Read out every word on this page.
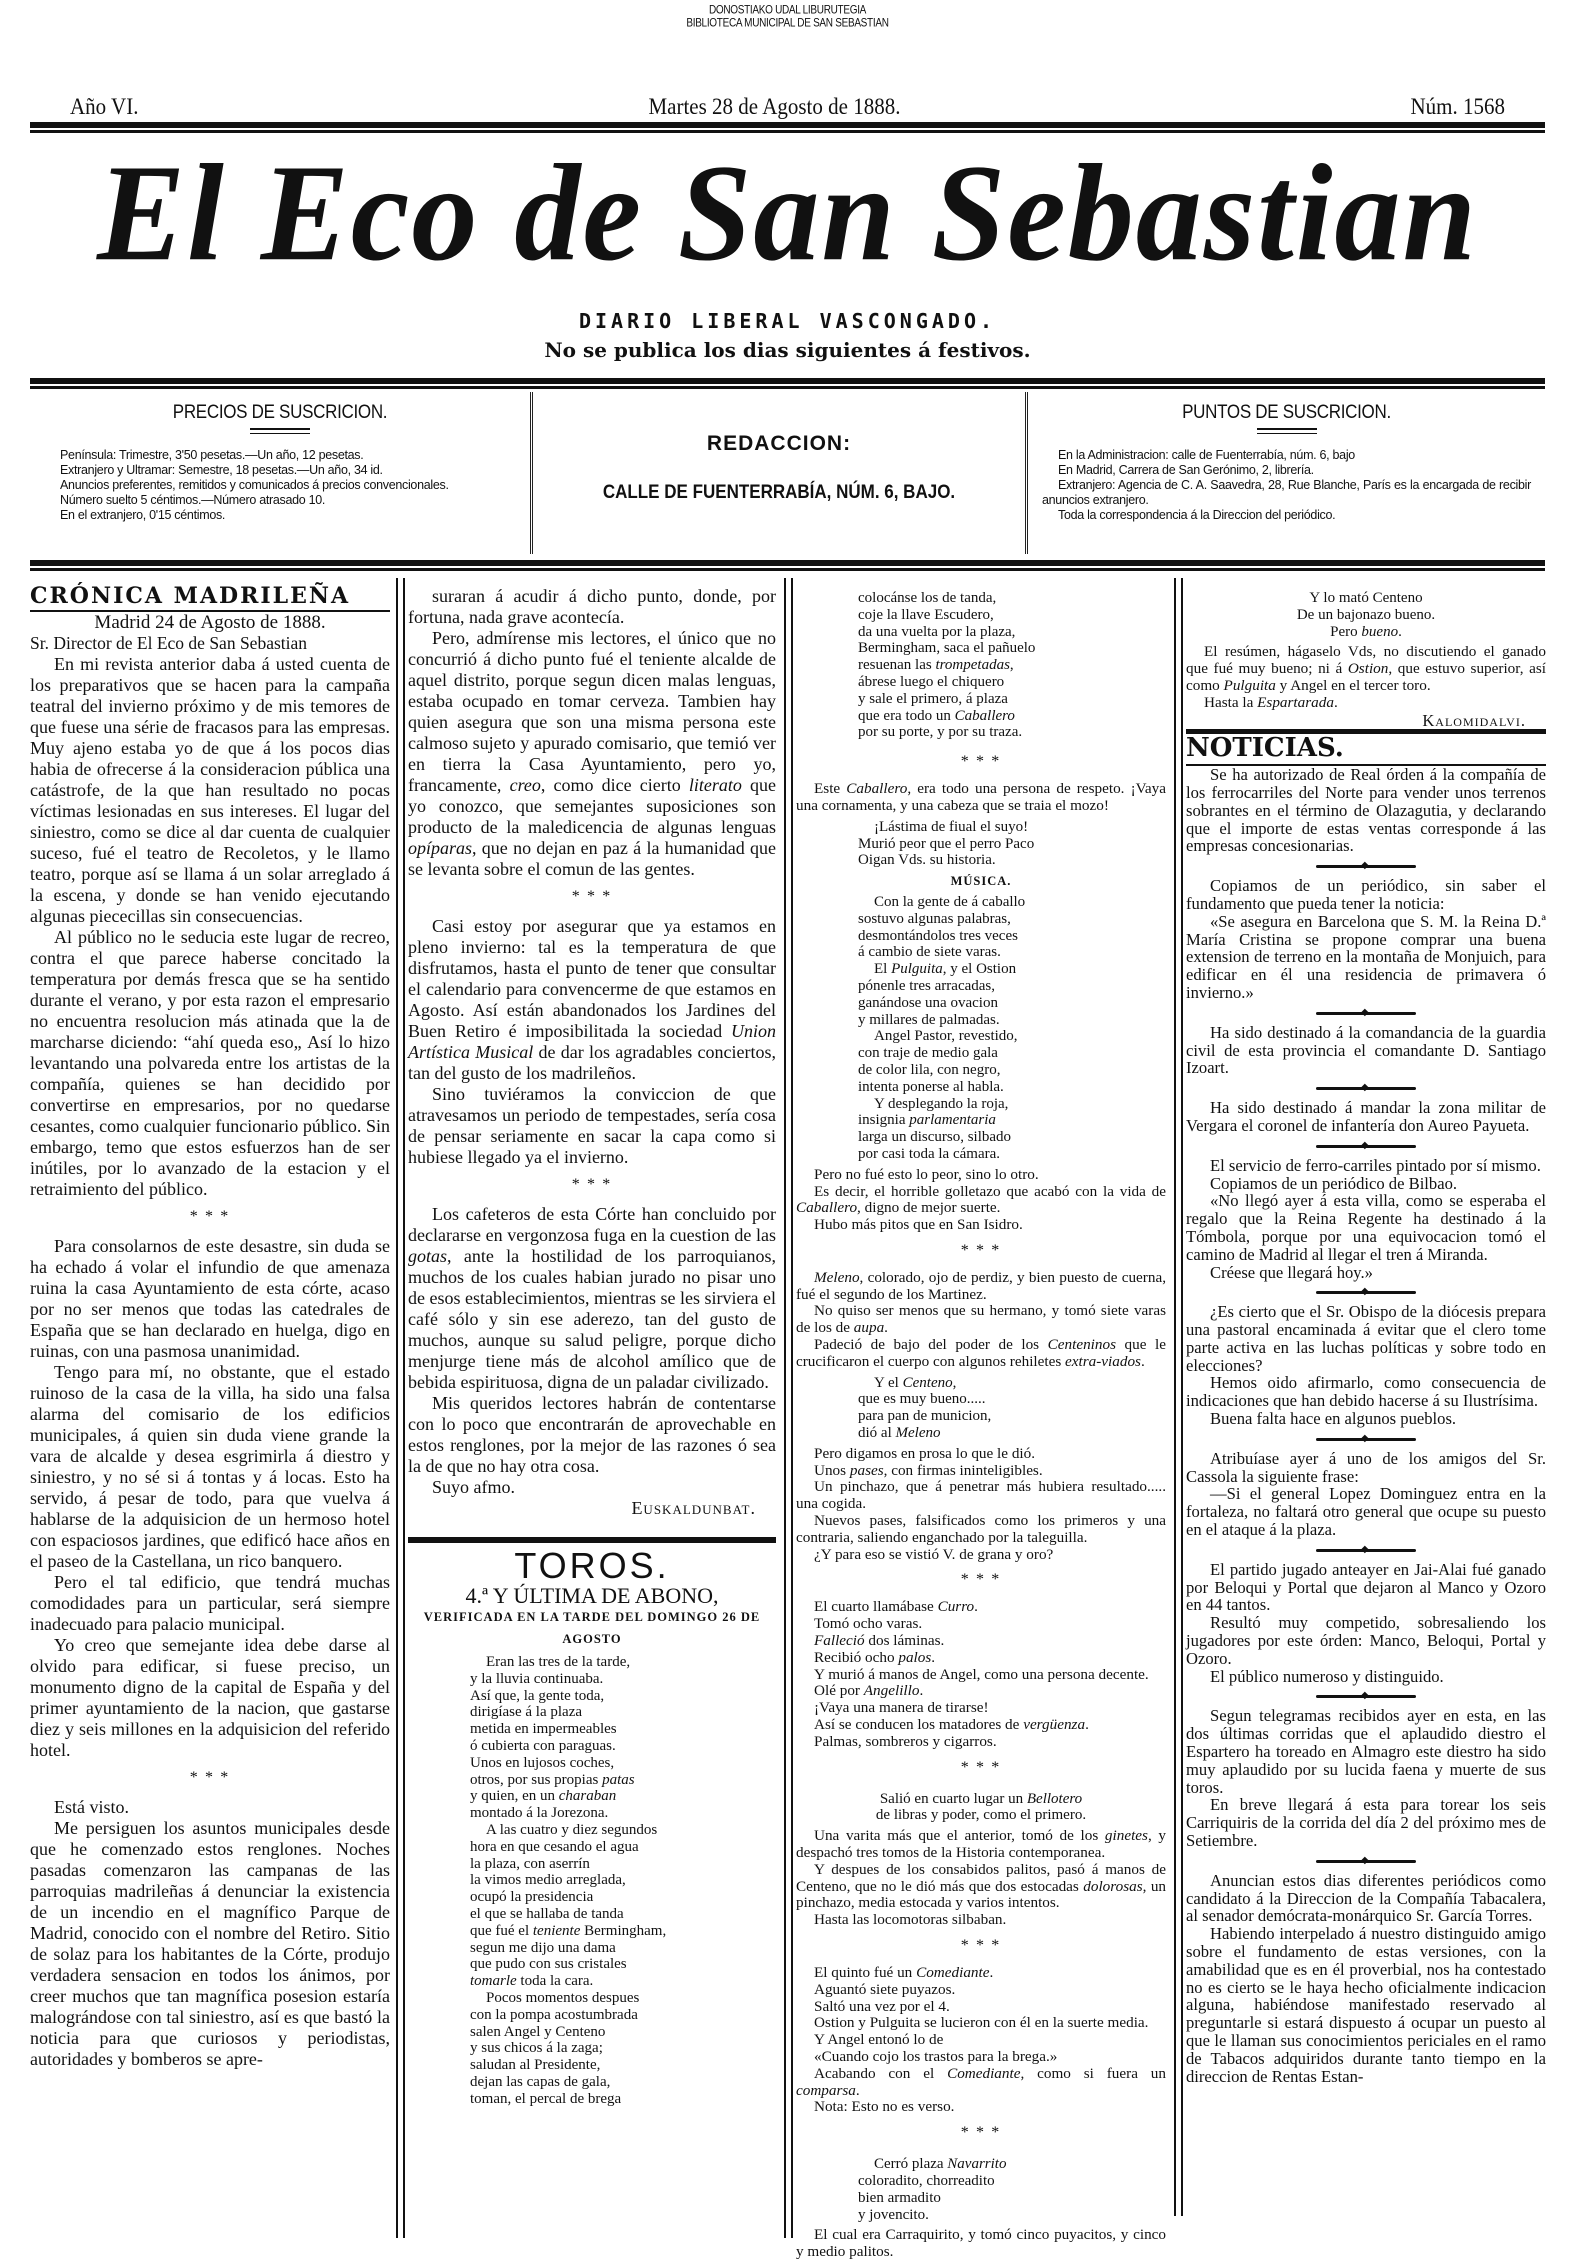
DONOSTIAKO UDAL LIBURUTEGIA
BIBLIOTECA MUNICIPAL DE SAN SEBASTIAN
Año VI.	Martes 28 de Agosto de 1888.	Núm. 1568
El Eco de San Sebastian
DIARIO LIBERAL VASCONGADO.
No se publica los dias siguientes á festivos.
PRECIOS DE SUSCRICION.
Península: Trimestre, 3'50 pesetas.—Un año, 12 pesetas.
Extranjero y Ultramar: Semestre, 18 pesetas.—Un año, 34 id.
Anuncios preferentes, remitidos y comunicados á precios convencionales.
Número suelto 5 céntimos.—Número atrasado 10.
En el extranjero, 0'15 céntimos.
REDACCION:
CALLE DE FUENTERRABÍA, NÚM. 6, BAJO.
PUNTOS DE SUSCRICION.
En la Administracion: calle de Fuenterrabía, núm. 6, bajo
En Madrid, Carrera de San Gerónimo, 2, librería.
Extranjero: Agencia de C. A. Saavedra, 28, Rue Blanche, París es la encargada de recibir anuncios extranjero.
Toda la correspondencia á la Direccion del periódico.

CRÓNICA MADRILEÑA

Madrid 24 de Agosto de 1888.

Sr. Director de El Eco de San Sebastian

En mi revista anterior daba á usted cuenta de los preparativos que se hacen para la campaña teatral del invierno próximo y de mis temores de que fuese una série de fracasos para las empresas. Muy ajeno estaba yo de que á los pocos dias habia de ofrecerse á la consideracion pública una catástrofe, de la que han resultado no pocas víctimas lesionadas en sus intereses. El lugar del siniestro, como se dice al dar cuenta de cualquier suceso, fué el teatro de Recoletos, y le llamo teatro, porque así se llama á un solar arreglado á la escena, y donde se han venido ejecutando algunas piececillas sin consecuencias.

Al público no le seducia este lugar de recreo, contra el que parece haberse concitado la temperatura por demás fresca que se ha sentido durante el verano, y por esta razon el empresario no encuentra resolucion más atinada que la de marcharse diciendo: “ahí queda eso„ Así lo hizo levantando una polvareda entre los artistas de la compañía, quienes se han decidido por convertirse en empresarios, por no quedarse cesantes, como cualquier funcionario público. Sin embargo, temo que estos esfuerzos han de ser inútiles, por lo avanzado de la estacion y el retraimiento del público.

* * *

Para consolarnos de este desastre, sin duda se ha echado á volar el infundio de que amenaza ruina la casa Ayuntamiento de esta córte, acaso por no ser menos que todas las catedrales de España que se han declarado en huelga, digo en ruinas, con una pasmosa unanimidad.

Tengo para mí, no obstante, que el estado ruinoso de la casa de la villa, ha sido una falsa alarma del comisario de los edificios municipales, á quien sin duda viene grande la vara de alcalde y desea esgrimirla á diestro y siniestro, y no sé si á tontas y á locas. Esto ha servido, á pesar de todo, para que vuelva á hablarse de la adquisicion de un hermoso hotel con espaciosos jardines, que edificó hace años en el paseo de la Castellana, un rico banquero.

Pero el tal edificio, que tendrá muchas comodidades para un particular, será siempre inadecuado para palacio municipal.

Yo creo que semejante idea debe darse al olvido para edificar, si fuese preciso, un monumento digno de la capital de España y del primer ayuntamiento de la nacion, que gastarse diez y seis millones en la adquisicion del referido hotel.

* * *

Está visto.

Me persiguen los asuntos municipales desde que he comenzado estos renglones. Noches pasadas comenzaron las campanas de las parroquias madrileñas á denunciar la existencia de un incendio en el magnífico Parque de Madrid, conocido con el nombre del Retiro. Sitio de solaz para los habitantes de la Córte, produjo verdadera sensacion en todos los ánimos, por creer muchos que tan magnífica posesion estaría malográndose con tal siniestro, así es que bastó la noticia para que curiosos y periodistas, autoridades y bomberos se apre-

suraran á acudir á dicho punto, donde, por fortuna, nada grave acontecía.

Pero, admírense mis lectores, el único que no concurrió á dicho punto fué el teniente alcalde de aquel distrito, porque segun dicen malas lenguas, estaba ocupado en tomar cerveza. Tambien hay quien asegura que son una misma persona este calmoso sujeto y apurado comisario, que temió ver en tierra la Casa Ayuntamiento, pero yo, francamente, creo, como dice cierto literato que yo conozco, que semejantes suposiciones son producto de la maledicencia de algunas lenguas opíparas, que no dejan en paz á la humanidad que se levanta sobre el comun de las gentes.

* * *

Casi estoy por asegurar que ya estamos en pleno invierno: tal es la temperatura de que disfrutamos, hasta el punto de tener que consultar el calendario para convencerme de que estamos en Agosto. Así están abandonados los Jardines del Buen Retiro é imposibilitada la sociedad Union Artística Musical de dar los agradables conciertos, tan del gusto de los madrileños.

Sino tuviéramos la conviccion de que atravesamos un periodo de tempestades, sería cosa de pensar seriamente en sacar la capa como si hubiese llegado ya el invierno.

* * *

Los cafeteros de esta Córte han concluido por declararse en vergonzosa fuga en la cuestion de las gotas, ante la hostilidad de los parroquianos, muchos de los cuales habian jurado no pisar uno de esos establecimientos, mientras se les sirviera el café sólo y sin ese aderezo, tan del gusto de muchos, aunque su salud peligre, porque dicho menjurge tiene más de alcohol amílico que de bebida espirituosa, digna de un paladar civilizado.

Mis queridos lectores habrán de contentarse con lo poco que encontrarán de aprovechable en estos renglones, por la mejor de las razones ó sea la de que no hay otra cosa.

Suyo afmo.

Euskaldunbat.

TOROS.

4.ª Y ÚLTIMA DE ABONO,

VERIFICADA EN LA TARDE DEL DOMINGO 26 DE AGOSTO

Eran las tres de la tarde,
y la lluvia continuaba.
Así que, la gente toda,
dirigíase á la plaza
metida en impermeables
ó cubierta con paraguas.
Unos en lujosos coches,
otros, por sus propias patas
y quien, en un charaban
montado á la Jorezona.
A las cuatro y diez segundos
hora en que cesando el agua
la plaza, con aserrín
la vimos medio arreglada,
ocupó la presidencia
el que se hallaba de tanda
que fué el teniente Bermingham,
segun me dijo una dama
que pudo con sus cristales
tomarle toda la cara.
Pocos momentos despues
con la pompa acostumbrada
salen Angel y Centeno
y sus chicos á la zaga;
saludan al Presidente,
dejan las capas de gala,
toman, el percal de brega
colocánse los de tanda,
coje la llave Escudero,
da una vuelta por la plaza,
Bermingham, saca el pañuelo
resuenan las trompetadas,
ábrese luego el chiquero
y sale el primero, á plaza
que era todo un Caballero
por su porte, y por su traza.

* * *

Este Caballero, era todo una persona de respeto. ¡Vaya una cornamenta, y una cabeza que se traia el mozo!

¡Lástima de fiual el suyo!
Murió peor que el perro Paco
Oigan Vds. su historia.

MÚSICA.

Con la gente de á caballo
sostuvo algunas palabras,
desmontándolos tres veces
á cambio de siete varas.
El Pulguita, y el Ostion
pónenle tres arracadas,
ganándose una ovacion
y millares de palmadas.
Angel Pastor, revestido,
con traje de medio gala
de color lila, con negro,
intenta ponerse al habla.
Y desplegando la roja,
insignia parlamentaria
larga un discurso, silbado
por casi toda la cámara.

Pero no fué esto lo peor, sino lo otro.

Es decir, el horrible golletazo que acabó con la vida de Caballero, digno de mejor suerte.

Hubo más pitos que en San Isidro.

* * *

Meleno, colorado, ojo de perdiz, y bien puesto de cuerna, fué el segundo de los Martinez.

No quiso ser menos que su hermano, y tomó siete varas de los de aupa.

Padeció de bajo del poder de los Centeninos que le crucificaron el cuerpo con algunos rehiletes extra-viados.

Y el Centeno,
que es muy bueno.....
para pan de municion,
dió al Meleno

Pero digamos en prosa lo que le dió.

Unos pases, con firmas ininteligibles.

Un pinchazo, que á penetrar más hubiera resultado..... una cogida.

Nuevos pases, falsificados como los primeros y una contraria, saliendo enganchado por la taleguilla.

¿Y para eso se vistió V. de grana y oro?

* * *

El cuarto llamábase Curro.

Tomó ocho varas.

Falleció dos láminas.

Recibió ocho palos.

Y murió á manos de Angel, como una persona decente.

Olé por Angelillo.

¡Vaya una manera de tirarse!

Así se conducen los matadores de vergüenza.

Palmas, sombreros y cigarros.

* * *

Salió en cuarto lugar un Bellotero
de libras y poder, como el primero.

Una varita más que el anterior, tomó de los ginetes, y despachó tres tomos de la Historia contemporanea.

Y despues de los consabidos palitos, pasó á manos de Centeno, que no le dió más que dos estocadas dolorosas, un pinchazo, media estocada y varios intentos.

Hasta las locomotoras silbaban.

* * *

El quinto fué un Comediante.

Aguantó siete puyazos.

Saltó una vez por el 4.

Ostion y Pulguita se lucieron con él en la suerte media.

Y Angel entonó lo de

«Cuando cojo los trastos para la brega.»

Acabando con el Comediante, como si fuera un comparsa.

Nota: Esto no es verso.

* * *

Cerró plaza Navarrito
coloradito, chorreadito
bien armadito
y jovencito.

El cual era Carraquirito, y tomó cinco puyacitos, y cinco y medio palitos.

Y lo mató Centeno
De un bajonazo bueno.
Pero bueno.

El resúmen, hágaselo Vds, no discutiendo el ganado que fué muy bueno; ni á Ostion, que estuvo superior, así como Pulguita y Angel en el tercer toro.

Hasta la Espartarada.

Kalomidalvi.

NOTICIAS.

Se ha autorizado de Real órden á la compañía de los ferrocarriles del Norte para vender unos terrenos sobrantes en el término de Olazagutia, y declarando que el importe de estas ventas corresponde á las empresas concesionarias.

◆

Copiamos de un periódico, sin saber el fundamento que pueda tener la noticia:

«Se asegura en Barcelona que S. M. la Reina D.ª María Cristina se propone comprar una buena extension de terreno en la montaña de Monjuich, para edificar en él una residencia de primavera ó invierno.»

◆

Ha sido destinado á la comandancia de la guardia civil de esta provincia el comandante D. Santiago Izoart.

◆

Ha sido destinado á mandar la zona militar de Vergara el coronel de infantería don Aureo Payueta.

◆

El servicio de ferro-carriles pintado por sí mismo.

Copiamos de un periódico de Bilbao.

«No llegó ayer á esta villa, como se esperaba el regalo que la Reina Regente ha destinado á la Tómbola, porque por una equivocacion tomó el camino de Madrid al llegar el tren á Miranda.

Créese que llegará hoy.»

◆

¿Es cierto que el Sr. Obispo de la diócesis prepara una pastoral encaminada á evitar que el clero tome parte activa en las luchas políticas y sobre todo en elecciones?

Hemos oido afirmarlo, como consecuencia de indicaciones que han debido hacerse á su Ilustrísima.

Buena falta hace en algunos pueblos.

◆

Atribuíase ayer á uno de los amigos del Sr. Cassola la siguiente frase:

—Si el general Lopez Dominguez entra en la fortaleza, no faltará otro general que ocupe su puesto en el ataque á la plaza.

◆

El partido jugado anteayer en Jai-Alai fué ganado por Beloqui y Portal que dejaron al Manco y Ozoro en 44 tantos.

Resultó muy competido, sobresaliendo los jugadores por este órden: Manco, Beloqui, Portal y Ozoro.

El público numeroso y distinguido.

◆

Segun telegramas recibidos ayer en esta, en las dos últimas corridas que el aplaudido diestro el Espartero ha toreado en Almagro este diestro ha sido muy aplaudido por su lucida faena y muerte de sus toros.

En breve llegará á esta para torear los seis Carriquiris de la corrida del día 2 del próximo mes de Setiembre.

◆

Anuncian estos dias diferentes periódicos como candidato á la Direccion de la Compañía Tabacalera, al senador demócrata-monárquico Sr. García Torres.

Habiendo interpelado á nuestro distinguido amigo sobre el fundamento de estas versiones, con la amabilidad que es en él proverbial, nos ha contestado no es cierto se le haya hecho oficialmente indicacion alguna, habiéndose manifestado reservado al preguntarle si estará dispuesto á ocupar un puesto al que le llaman sus conocimientos periciales en el ramo de Tabacos adquiridos durante tanto tiempo en la direccion de Rentas Estan-
